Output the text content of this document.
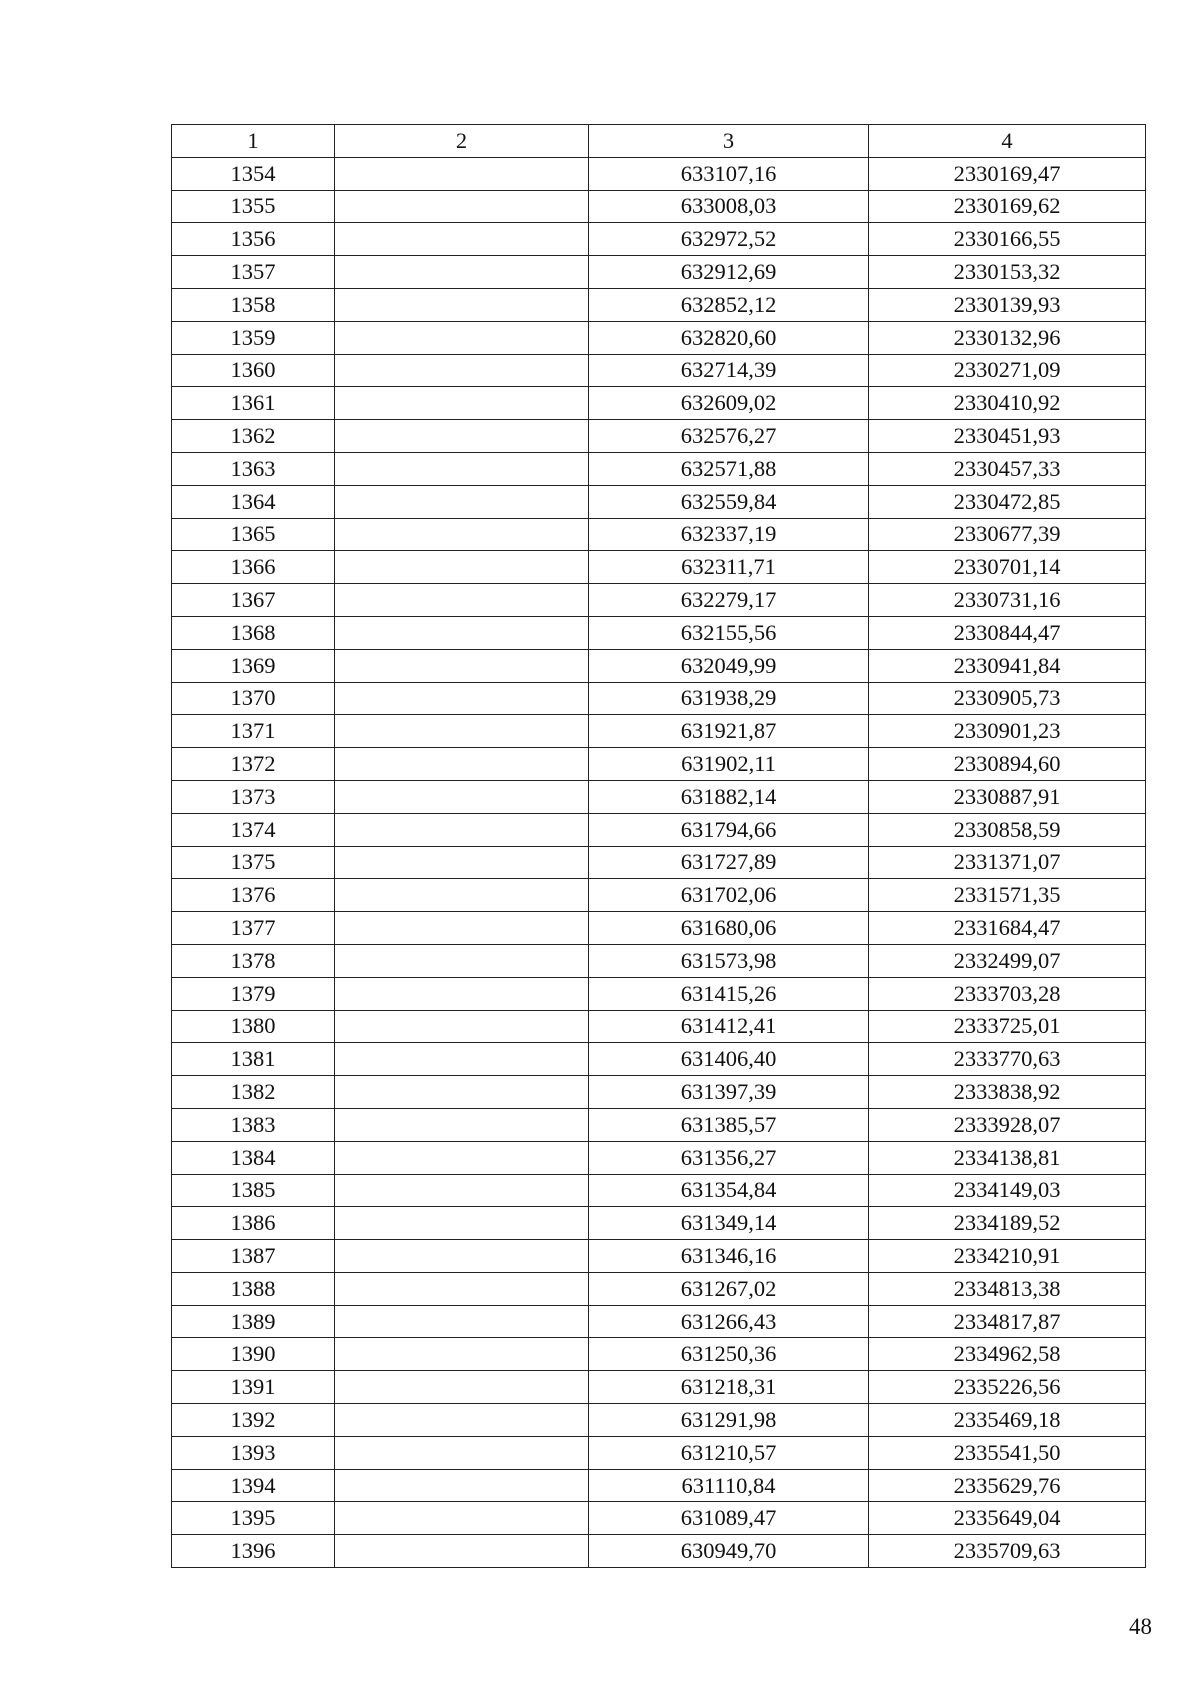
1	2	3	4
1354		633107,16	2330169,47
1355		633008,03	2330169,62
1356		632972,52	2330166,55
1357		632912,69	2330153,32
1358		632852,12	2330139,93
1359		632820,60	2330132,96
1360		632714,39	2330271,09
1361		632609,02	2330410,92
1362		632576,27	2330451,93
1363		632571,88	2330457,33
1364		632559,84	2330472,85
1365		632337,19	2330677,39
1366		632311,71	2330701,14
1367		632279,17	2330731,16
1368		632155,56	2330844,47
1369		632049,99	2330941,84
1370		631938,29	2330905,73
1371		631921,87	2330901,23
1372		631902,11	2330894,60
1373		631882,14	2330887,91
1374		631794,66	2330858,59
1375		631727,89	2331371,07
1376		631702,06	2331571,35
1377		631680,06	2331684,47
1378		631573,98	2332499,07
1379		631415,26	2333703,28
1380		631412,41	2333725,01
1381		631406,40	2333770,63
1382		631397,39	2333838,92
1383		631385,57	2333928,07
1384		631356,27	2334138,81
1385		631354,84	2334149,03
1386		631349,14	2334189,52
1387		631346,16	2334210,91
1388		631267,02	2334813,38
1389		631266,43	2334817,87
1390		631250,36	2334962,58
1391		631218,31	2335226,56
1392		631291,98	2335469,18
1393		631210,57	2335541,50
1394		631110,84	2335629,76
1395		631089,47	2335649,04
1396		630949,70	2335709,63
48
